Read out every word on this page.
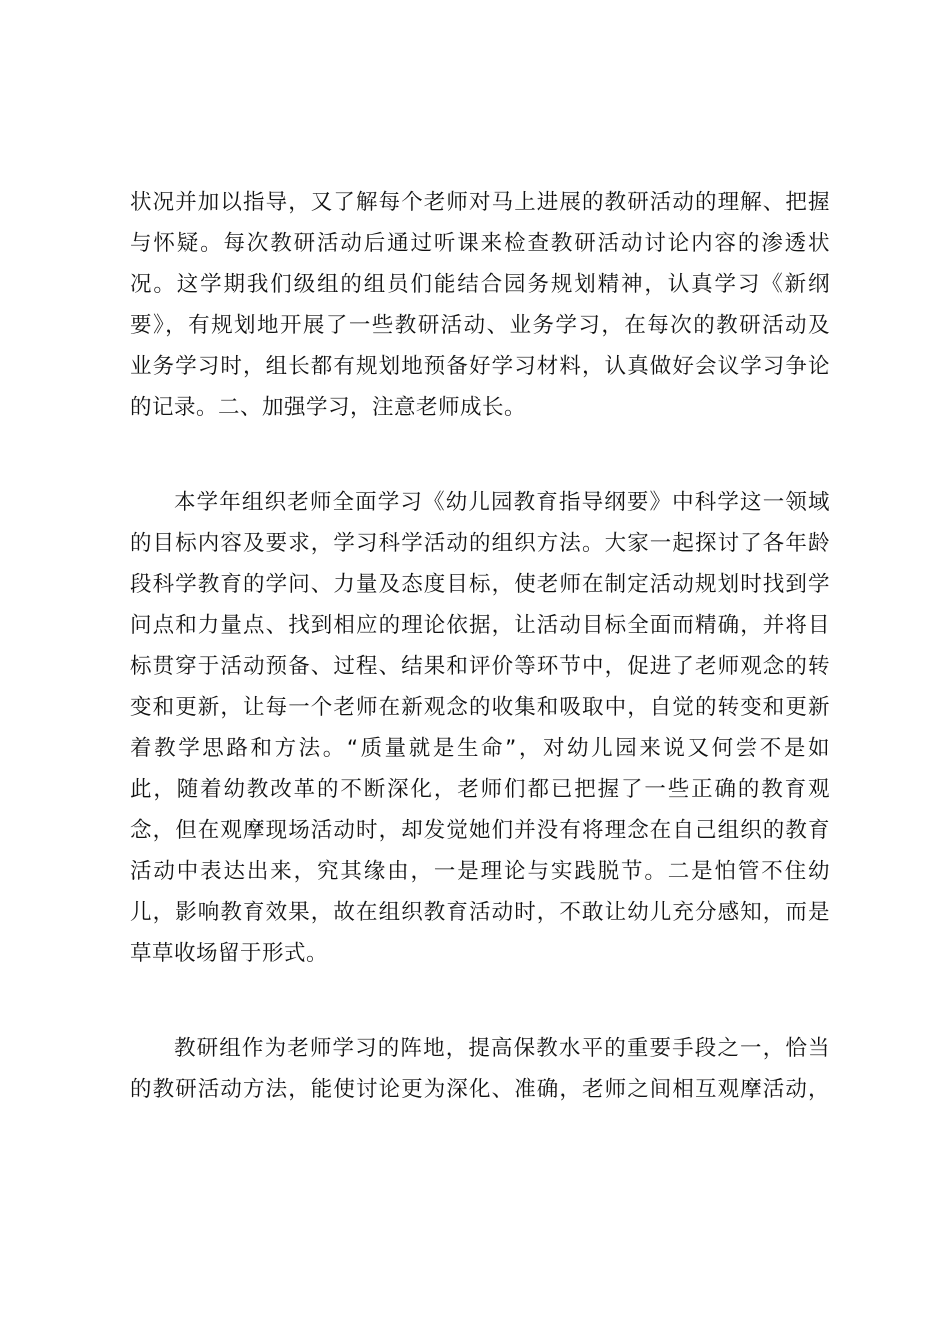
状况并加以指导，又了解每个老师对马上进展的教研活动的理解、把握
与怀疑。每次教研活动后通过听课来检查教研活动讨论内容的渗透状
况。这学期我们级组的组员们能结合园务规划精神，认真学习《新纲
要》，有规划地开展了一些教研活动、业务学习，在每次的教研活动及
业务学习时，组长都有规划地预备好学习材料，认真做好会议学习争论
的记录。二、加强学习，注意老师成长。
本学年组织老师全面学习《幼儿园教育指导纲要》中科学这一领域
的目标内容及要求，学习科学活动的组织方法。大家一起探讨了各年龄
段科学教育的学问、力量及态度目标，使老师在制定活动规划时找到学
问点和力量点、找到相应的理论依据，让活动目标全面而精确，并将目
标贯穿于活动预备、过程、结果和评价等环节中，促进了老师观念的转
变和更新，让每一个老师在新观念的收集和吸取中，自觉的转变和更新
着教学思路和方法。“质量就是生命”，对幼儿园来说又何尝不是如
此，随着幼教改革的不断深化，老师们都已把握了一些正确的教育观
念，但在观摩现场活动时，却发觉她们并没有将理念在自己组织的教育
活动中表达出来，究其缘由，一是理论与实践脱节。二是怕管不住幼
儿，影响教育效果，故在组织教育活动时，不敢让幼儿充分感知，而是
草草收场留于形式。
教研组作为老师学习的阵地，提高保教水平的重要手段之一，恰当
的教研活动方法，能使讨论更为深化、准确，老师之间相互观摩活动，
